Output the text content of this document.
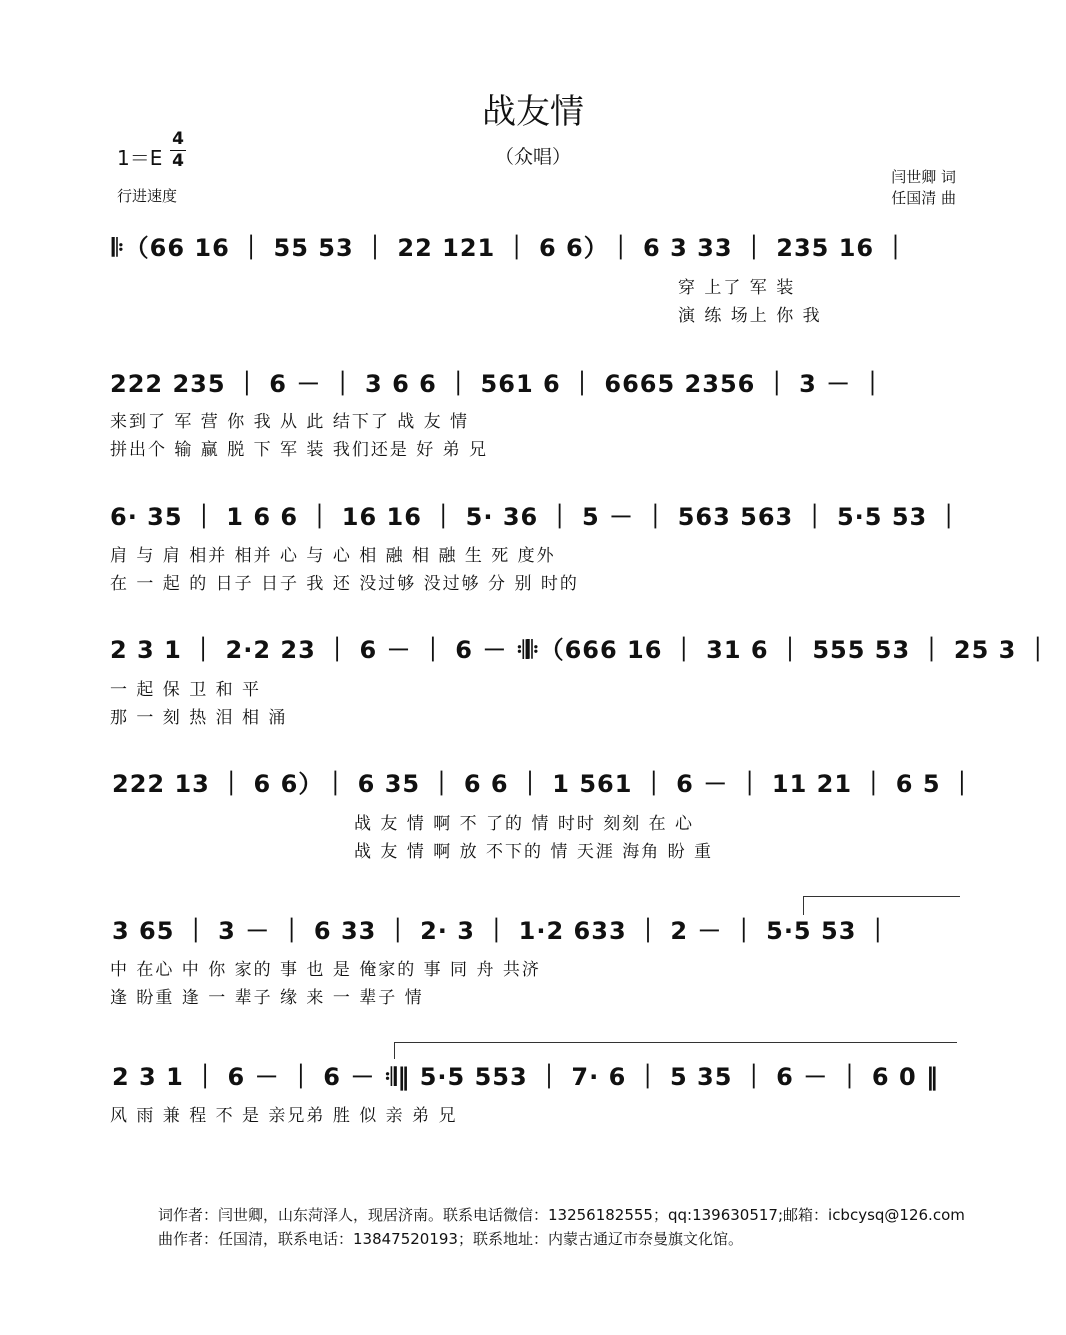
战友情
（众唱）
1＝E
4
4
行进速度
闫世卿 词
任国清 曲
𝄆（66 16 ｜ 55 53 ｜ 22 121 ｜ 6 6）｜ 6 3 33 ｜ 235 16 ｜
穿 上了 军 装
演 练 场上 你 我
222 235 ｜ 6 － ｜ 3 6 6 ｜ 561 6 ｜ 6665 2356 ｜ 3 － ｜
来到了 军 营 你 我 从 此 结下了 战 友 情
拼出个 输 赢 脱 下 军 装 我们还是 好 弟 兄
6· 35 ｜ 1 6 6 ｜ 16 16 ｜ 5· 36 ｜ 5 － ｜ 563 563 ｜ 5·5 53 ｜
肩 与 肩 相并 相并 心 与 心 相 融 相 融 生 死 度外
在 一 起 的 日子 日子 我 还 没过够 没过够 分 别 时的
2 3 1 ｜ 2·2 23 ｜ 6 － ｜ 6 － 𝄇𝄆（666 16 ｜ 31 6 ｜ 555 53 ｜ 25 3 ｜
一 起 保 卫 和 平
那 一 刻 热 泪 相 涌
222 13 ｜ 6 6）｜ 6 35 ｜ 6 6 ｜ 1 561 ｜ 6 － ｜ 11 21 ｜ 6 5 ｜
战 友 情 啊 不 了的 情 时时 刻刻 在 心
战 友 情 啊 放 不下的 情 天涯 海角 盼 重
3 65 ｜ 3 － ｜ 6 33 ｜ 2· 3 ｜ 1·2 633 ｜ 2 － ｜ 5·5 53 ｜
中 在心 中 你 家的 事 也 是 俺家的 事 同 舟 共济
逢 盼重 逢 一 辈子 缘 来 一 辈子 情
2 3 1 ｜ 6 － ｜ 6 － 𝄇‖ 5·5 553 ｜ 7· 6 ｜ 5 35 ｜ 6 － ｜ 6 0 ‖
风 雨 兼 程 不 是 亲兄弟 胜 似 亲 弟 兄
词作者：闫世卿，山东菏泽人，现居济南。联系电话微信：13256182555；qq:139630517;邮箱：icbcysq@126.com
曲作者：任国清，联系电话：13847520193；联系地址：内蒙古通辽市奈曼旗文化馆。
